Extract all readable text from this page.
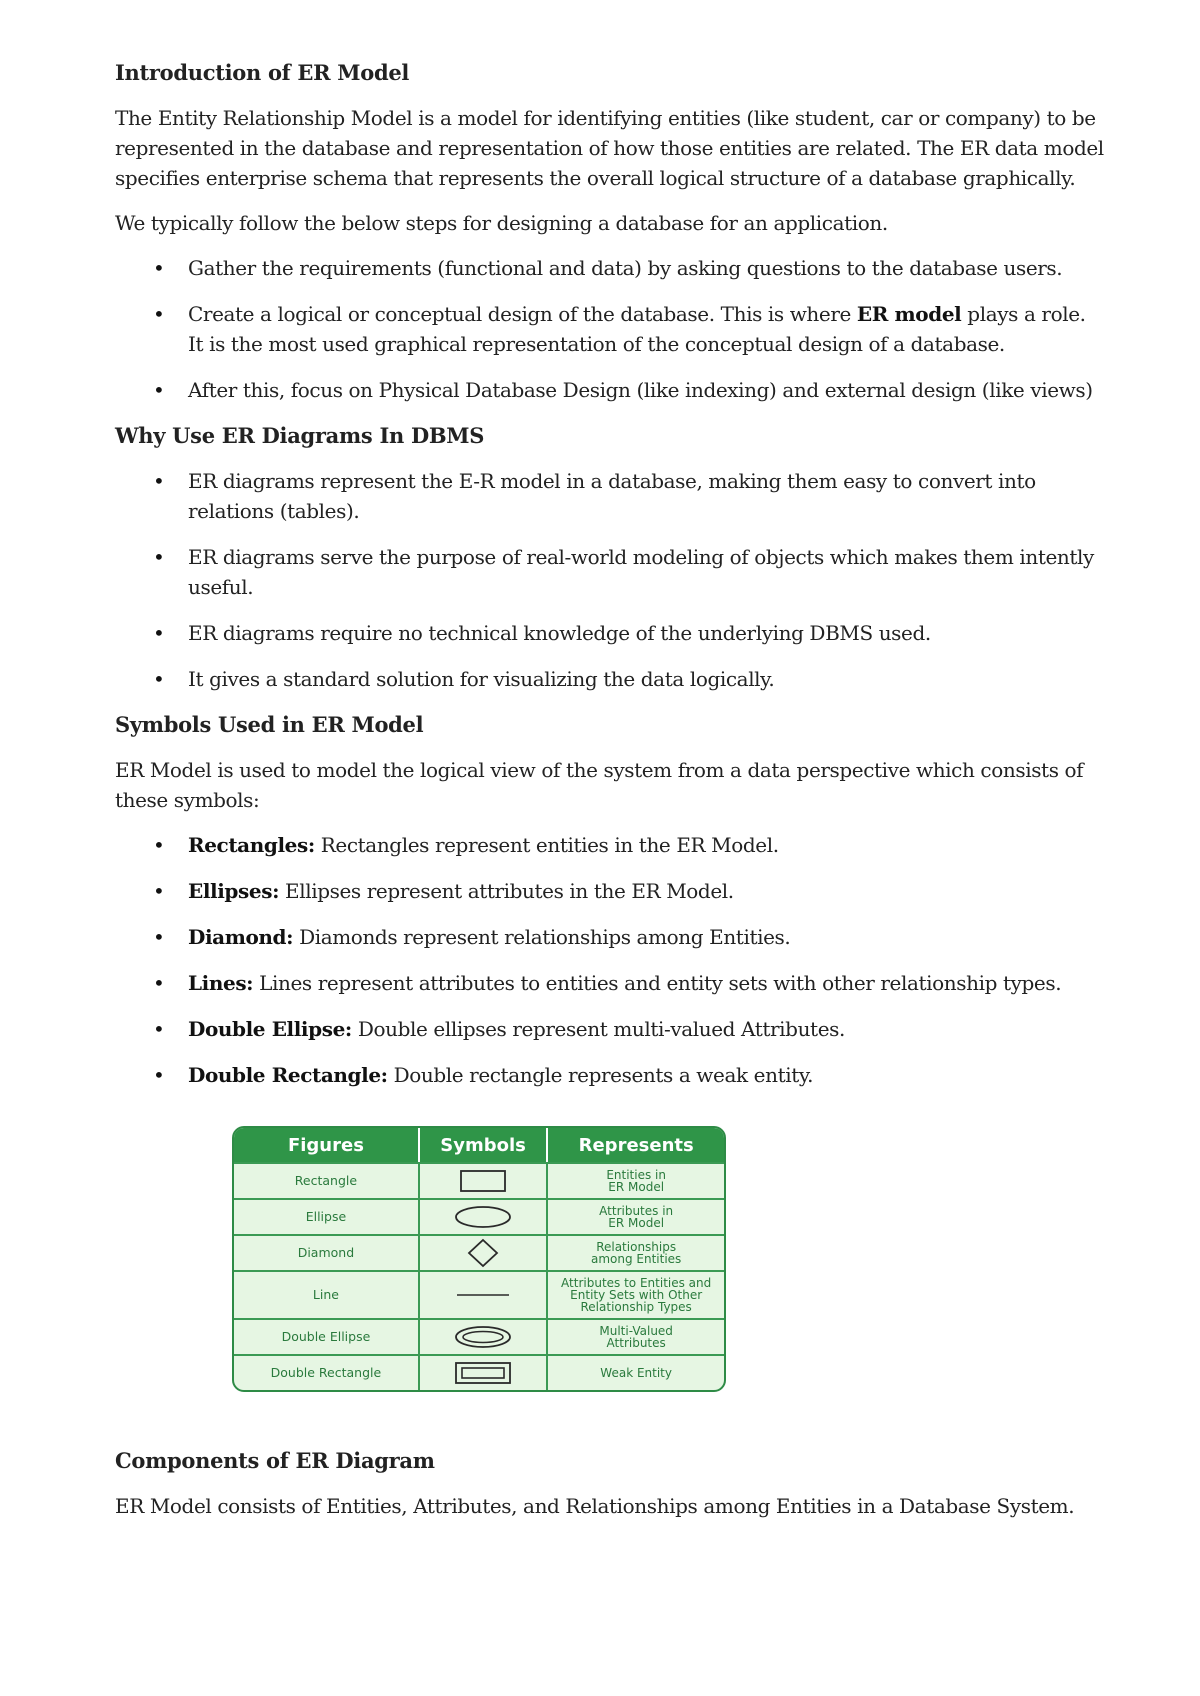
Introduction of ER Model

The Entity Relationship Model is a model for identifying entities (like student, car or company) to be represented in the database and representation of how those entities are related. The ER data model specifies enterprise schema that represents the overall logical structure of a database graphically.

We typically follow the below steps for designing a database for an application.

• Gather the requirements (functional and data) by asking questions to the database users.
• Create a logical or conceptual design of the database. This is where ER model plays a role. It is the most used graphical representation of the conceptual design of a database.
• After this, focus on Physical Database Design (like indexing) and external design (like views)
Why Use ER Diagrams In DBMS
• ER diagrams represent the E-R model in a database, making them easy to convert into relations (tables).
• ER diagrams serve the purpose of real-world modeling of objects which makes them intently useful.
• ER diagrams require no technical knowledge of the underlying DBMS used.
• It gives a standard solution for visualizing the data logically.
Symbols Used in ER Model

ER Model is used to model the logical view of the system from a data perspective which consists of these symbols:

• Rectangles: Rectangles represent entities in the ER Model.
• Ellipses: Ellipses represent attributes in the ER Model.
• Diamond: Diamonds represent relationships among Entities.
• Lines: Lines represent attributes to entities and entity sets with other relationship types.
• Double Ellipse: Double ellipses represent multi-valued Attributes.
• Double Rectangle: Double rectangle represents a weak entity.
Figures	Symbols	Represents
Rectangle		Entities in
ER Model
Ellipse		Attributes in
ER Model
Diamond		Relationships
among Entities
Line		Attributes to Entities and
Entity Sets with Other
Relationship Types
Double Ellipse		Multi-Valued
Attributes
Double Rectangle		Weak Entity
Components of ER Diagram

ER Model consists of Entities, Attributes, and Relationships among Entities in a Database System.
